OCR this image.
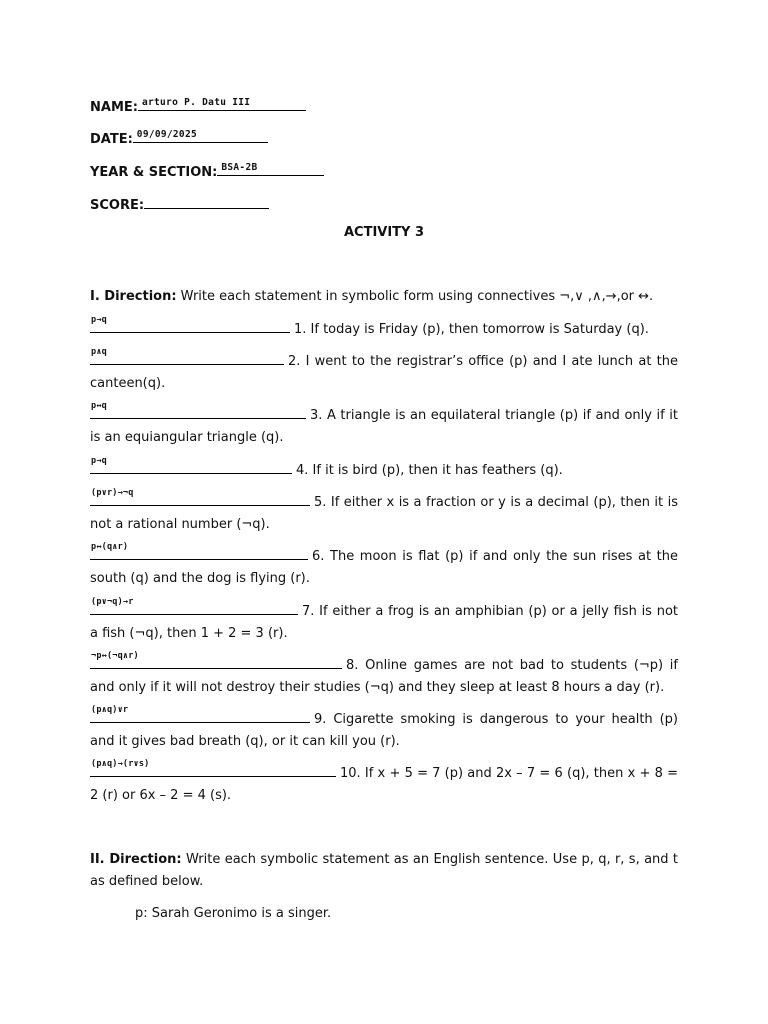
NAME: arturo P. Datu III
DATE: 09/09/2025
YEAR & SECTION: BSA-2B
SCORE:
ACTIVITY 3
I. Direction: Write each statement in symbolic form using connectives ¬,∨ ,∧,→,or ↔.
p→q
1. If today is Friday (p), then tomorrow is Saturday (q).
p∧q
2. I went to the registrar’s office (p) and I ate lunch at the canteen(q).
p↔q
3. A triangle is an equilateral triangle (p) if and only if it is an equiangular triangle (q).
p→q
4. If it is bird (p), then it has feathers (q).
(p∨r)→¬q
5. If either x is a fraction or y is a decimal (p), then it is not a rational number (¬q).
p↔(q∧r)
6. The moon is flat (p) if and only the sun rises at the south (q) and the dog is flying (r).
(p∨¬q)→r
7. If either a frog is an amphibian (p) or a jelly fish is not a fish (¬q), then 1 + 2 = 3 (r).
¬p↔(¬q∧r)
8. Online games are not bad to students (¬p) if and only if it will not destroy their studies (¬q) and they sleep at least 8 hours a day (r).
(p∧q)∨r
9. Cigarette smoking is dangerous to your health (p) and it gives bad breath (q), or it can kill you (r).
(p∧q)→(r∨s)
10. If x + 5 = 7 (p) and 2x – 7 = 6 (q), then x + 8 = 2 (r) or 6x – 2 = 4 (s).
II. Direction: Write each symbolic statement as an English sentence. Use p, q, r, s, and t as defined below.
p: Sarah Geronimo is a singer.
